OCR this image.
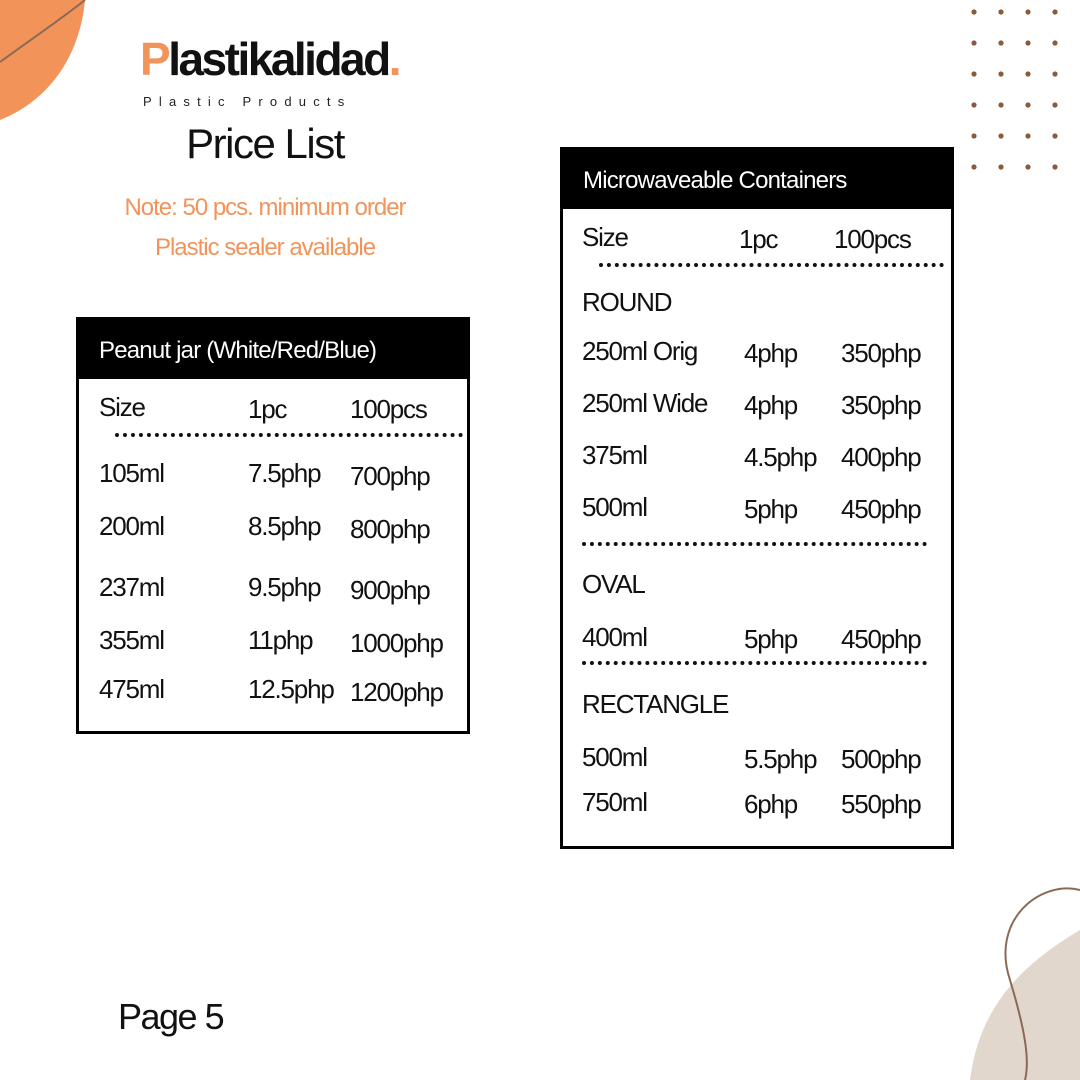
Plastikalidad.
Plastic Products
Price List
Note: 50 pcs. minimum order
Plastic sealer available
Peanut jar (White/Red/Blue)
Size	1pc 100pcs
105ml	7.5php 700php
200ml	8.5php 800php
237ml	9.5php 900php
355ml	11php 1000php
475ml	12.5php 1200php
Microwaveable Containers
Size	1pc 100pcs
ROUND
250ml Orig 4php 350php
250ml Wide 4php 350php
375ml	4.5php 400php
500ml	5php 450php
OVAL
400ml	5php 450php
RECTANGLE
500ml	5.5php 500php
750ml	6php 550php
Page 5
